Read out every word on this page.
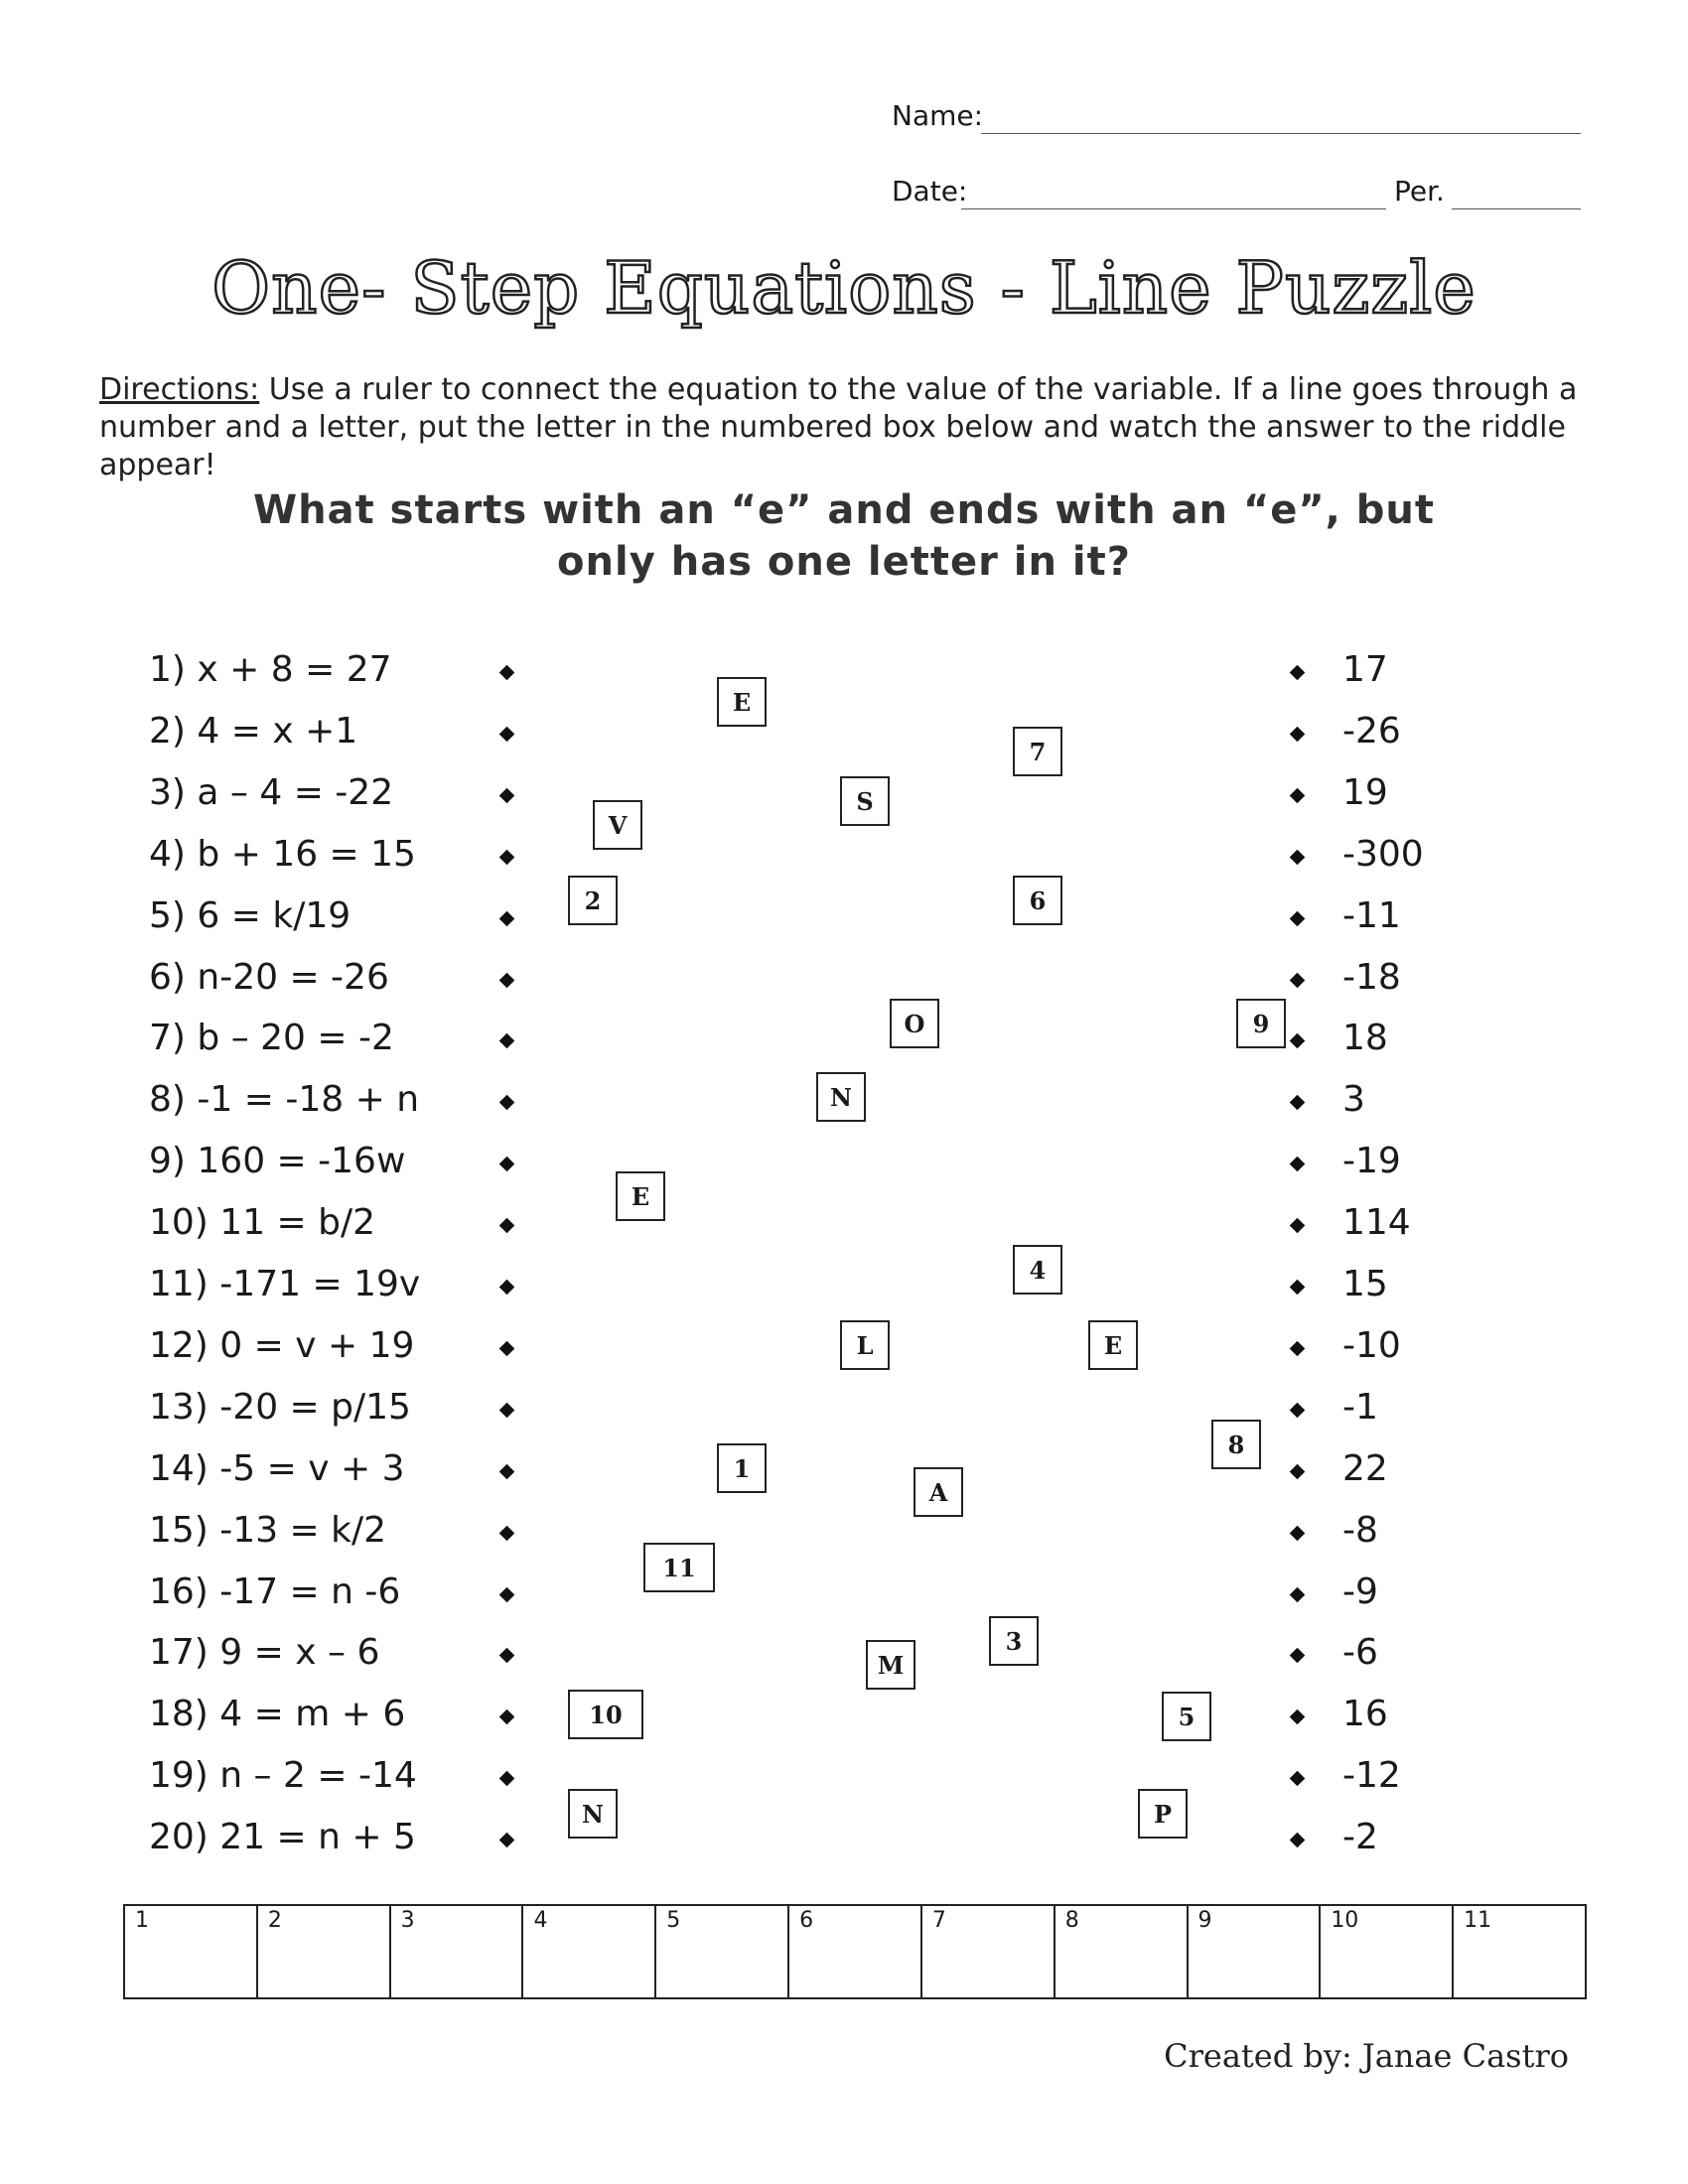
Name:
Date:	Per.
One- Step Equations - Line Puzzle
Directions: Use a ruler to connect the equation to the value of the variable. If a line goes through a number and a letter, put the letter in the numbered box below and watch the answer to the riddle appear!
What starts with an “e” and ends with an “e”, but
only has one letter in it?
1) x + 8 = 27	17
2) 4 = x +1	-26
3) a – 4 = -22	19
4) b + 16 = 15	-300
5) 6 = k/19	-11
6) n-20 = -26	-18
7) b – 20 = -2	18
8) -1 = -18 + n	3
9) 160 = -16w	-19
10) 11 = b/2	114
11) -171 = 19v	15
12) 0 = v + 19	-10
13) -20 = p/15	-1
14) -5 = v + 3	22
15) -13 = k/2	-8
16) -17 = n -6	-9
17) 9 = x – 6	-6
18) 4 = m + 6	16
19) n – 2 = -14	-12
20) 21 = n + 5	-2
E
7
S
V
2	6
O	9
N
E
4
L	E
8
1
A
11
3
M
10	5
N	P
1	2	3	4	5	6	7	8	9	10	11
Created by: Janae Castro
